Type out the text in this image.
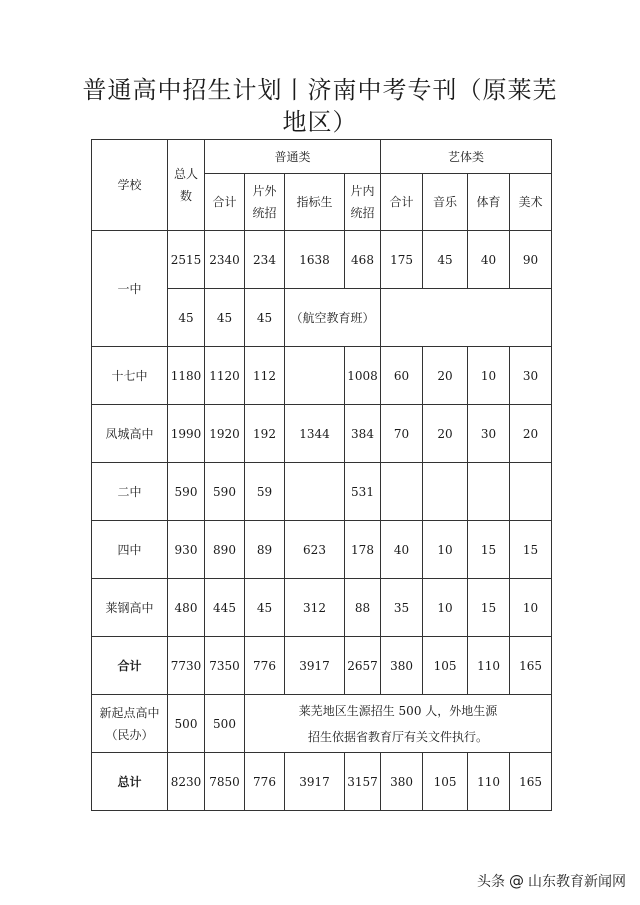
普通高中招生计划丨济南中考专刊（原莱芜
地区）
学校	总人数	普通类				艺体类			
		合计	片外统招	指标生	片内统招	合计	音乐	体育	美术
一中	2515	2340	234	1638	468	175	45	40	90
	45	45	45	（航空教育班）					
十七中	1180	1120	112		1008	60	20	10	30
凤城高中	1990	1920	192	1344	384	70	20	30	20
二中	590	590	59		531				
四中	930	890	89	623	178	40	10	15	15
莱钢高中	480	445	45	312	88	35	10	15	10
合计	7730	7350	776	3917	2657	380	105	110	165

新起点高中（民办）	500	500	莱芜地区生源招生 500 人，外地生源
招生依据省教育厅有关文件执行。						

总计	8230	7850	776	3917	3157	380	105	110	165
头条 @ 山东教育新闻网
